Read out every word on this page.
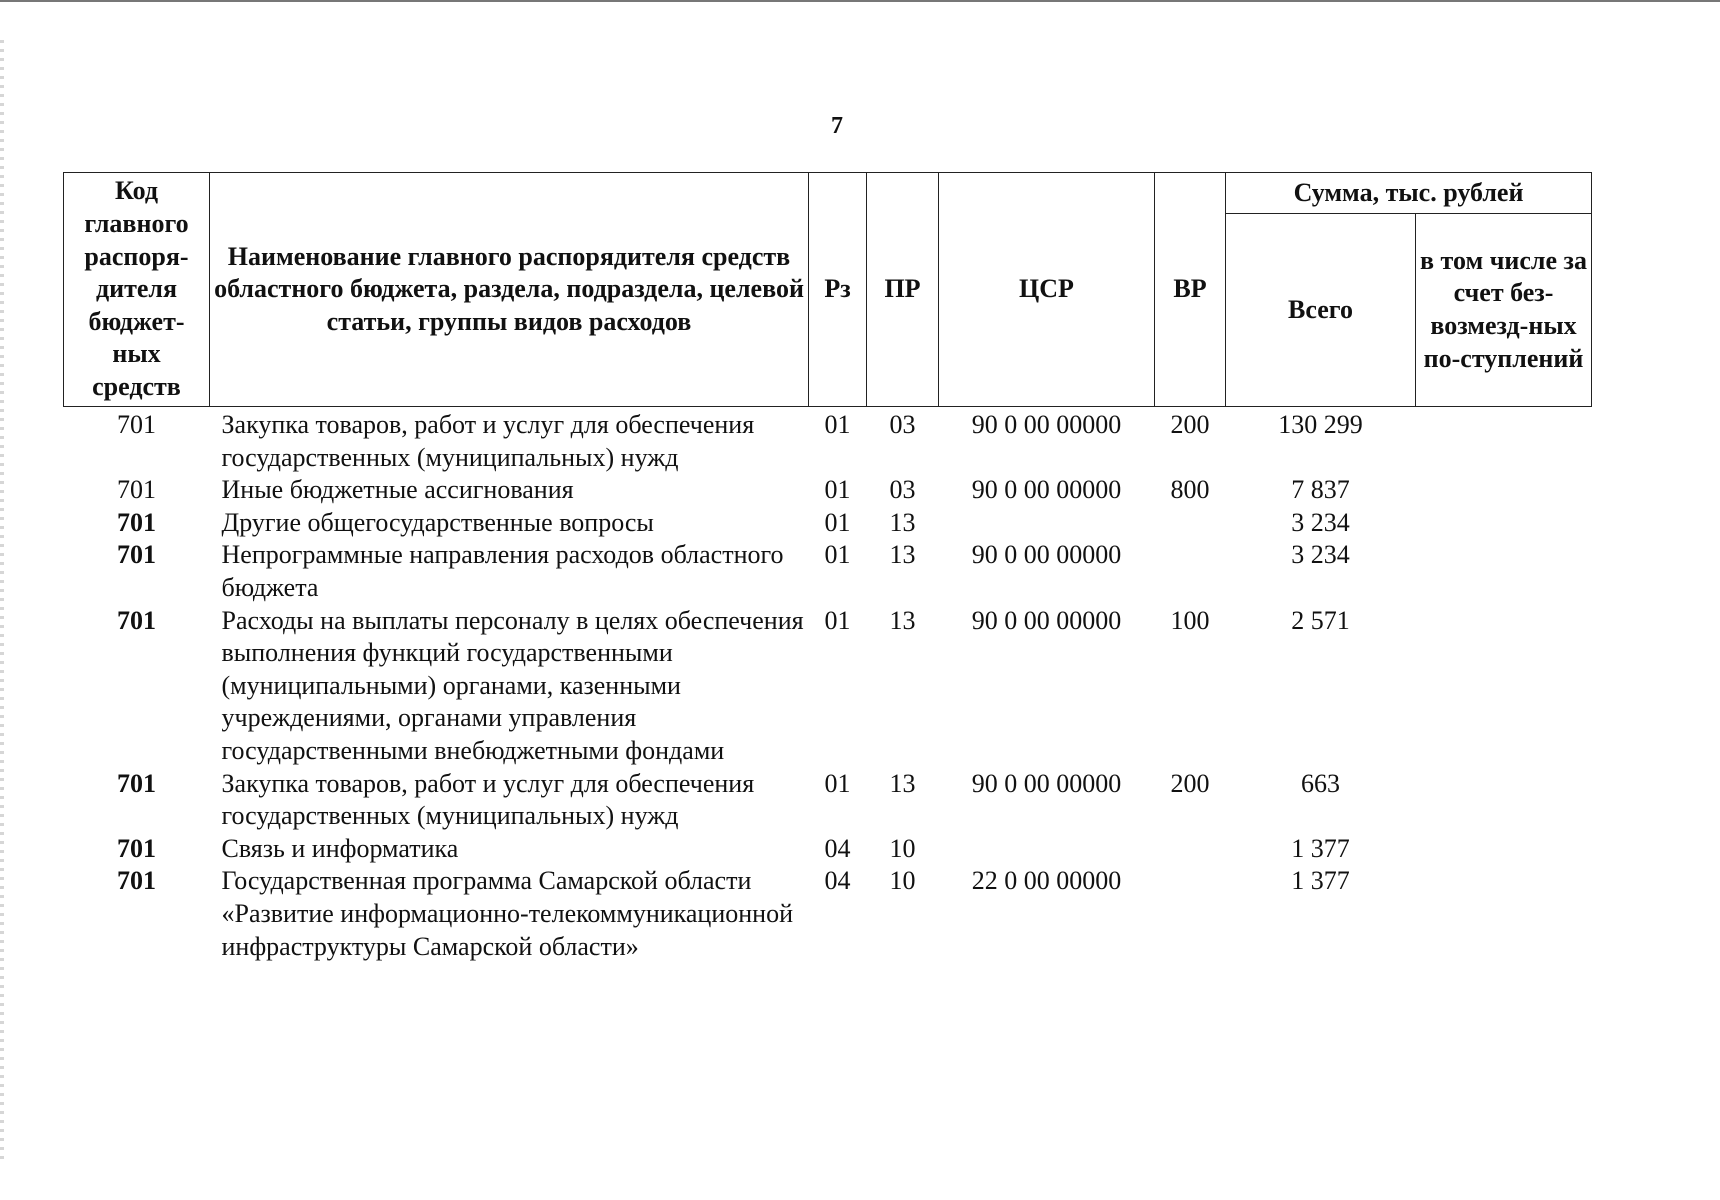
7
Код главного распоря-дителя бюджет-ных средств	Наименование главного распорядителя средств областного бюджета, раздела, подраздела, целевой статьи, группы видов расходов	Рз	ПР	ЦСР	ВР	Сумма, тыс. рублей	
						Всего	в том числе за счет без-возмезд-ных по-ступлений
701	Закупка товаров, работ и услуг для обеспечения государственных (муниципальных) нужд	01	03	90 0 00 00000	200	130 299	
701	Иные бюджетные ассигнования	01	03	90 0 00 00000	800	7 837	
701	Другие общегосударственные вопросы	01	13			3 234	
701	Непрограммные направления расходов областного бюджета	01	13	90 0 00 00000		3 234	
701	Расходы на выплаты персоналу в целях обеспечения выполнения функций государственными (муниципальными) органами, казенными учреждениями, органами управления государственными внебюджетными фондами	01	13	90 0 00 00000	100	2 571	
701	Закупка товаров, работ и услуг для обеспечения государственных (муниципальных) нужд	01	13	90 0 00 00000	200	663	
701	Связь и информатика	04	10			1 377	
701	Государственная программа Самарской области «Развитие информационно-телекоммуникационной инфраструктуры Самарской области»	04	10	22 0 00 00000		1 377	
